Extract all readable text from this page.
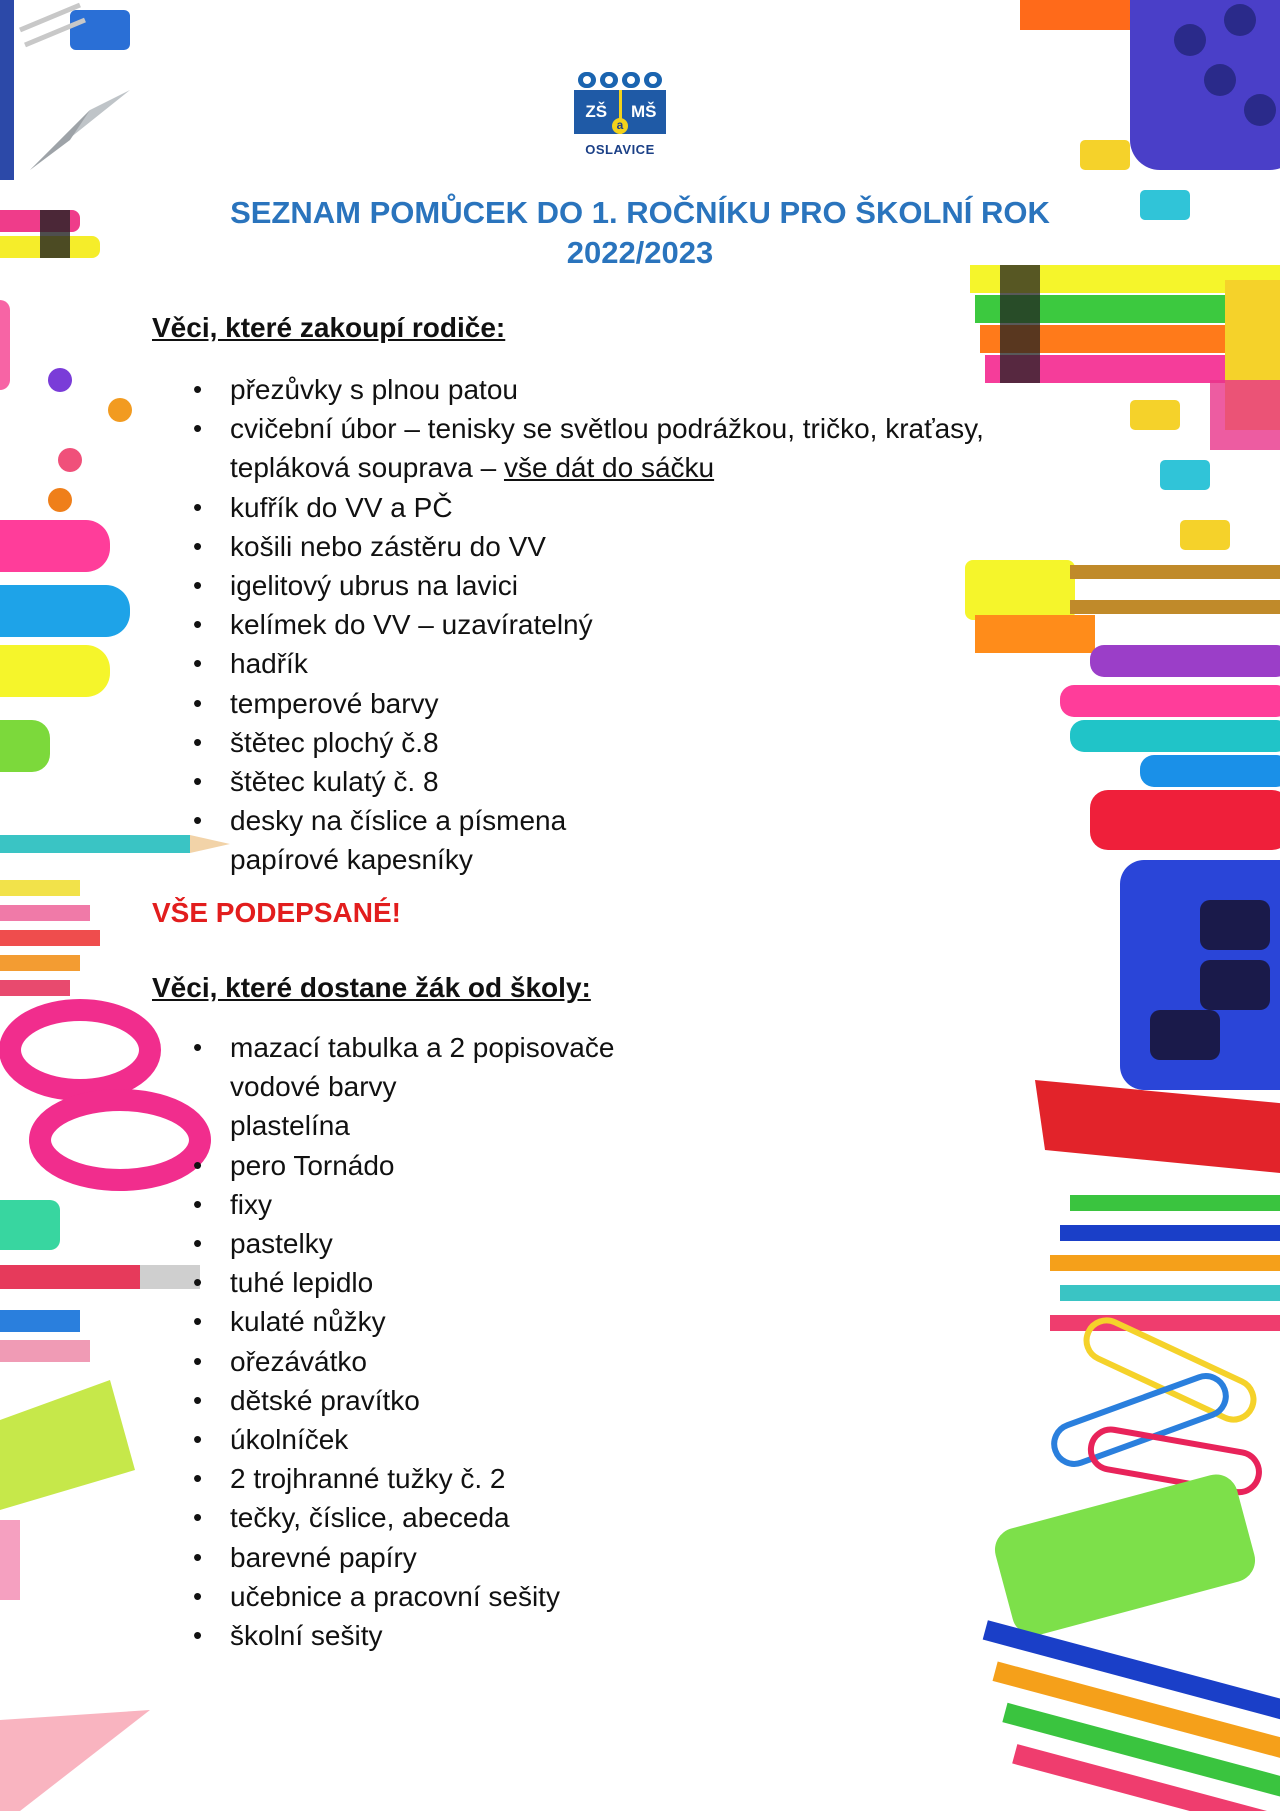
ZŠ	MŠ
a
OSLAVICE
SEZNAM POMŮCEK DO 1. ROČNÍKU PRO ŠKOLNÍ ROK
2022/2023
Věci, které zakoupí rodiče:
• přezůvky s plnou patou
• cvičební úbor – tenisky se světlou podrážkou, tričko, kraťasy,
tepláková souprava – vše dát do sáčku
• kufřík do VV a PČ
• košili nebo zástěru do VV
• igelitový ubrus na lavici
• kelímek do VV – uzavíratelný
• hadřík
• temperové barvy
• štětec plochý č.8
• štětec kulatý č. 8
• desky na číslice a písmena
papírové kapesníky
VŠE PODEPSANÉ!
Věci, které dostane žák od školy:
• mazací tabulka a 2 popisovače
vodové barvy
plastelína
• pero Tornádo
• fixy
• pastelky
• tuhé lepidlo
• kulaté nůžky
• ořezávátko
• dětské pravítko
• úkolníček
• 2 trojhranné tužky č. 2
• tečky, číslice, abeceda
• barevné papíry
• učebnice a pracovní sešity
• školní sešity
